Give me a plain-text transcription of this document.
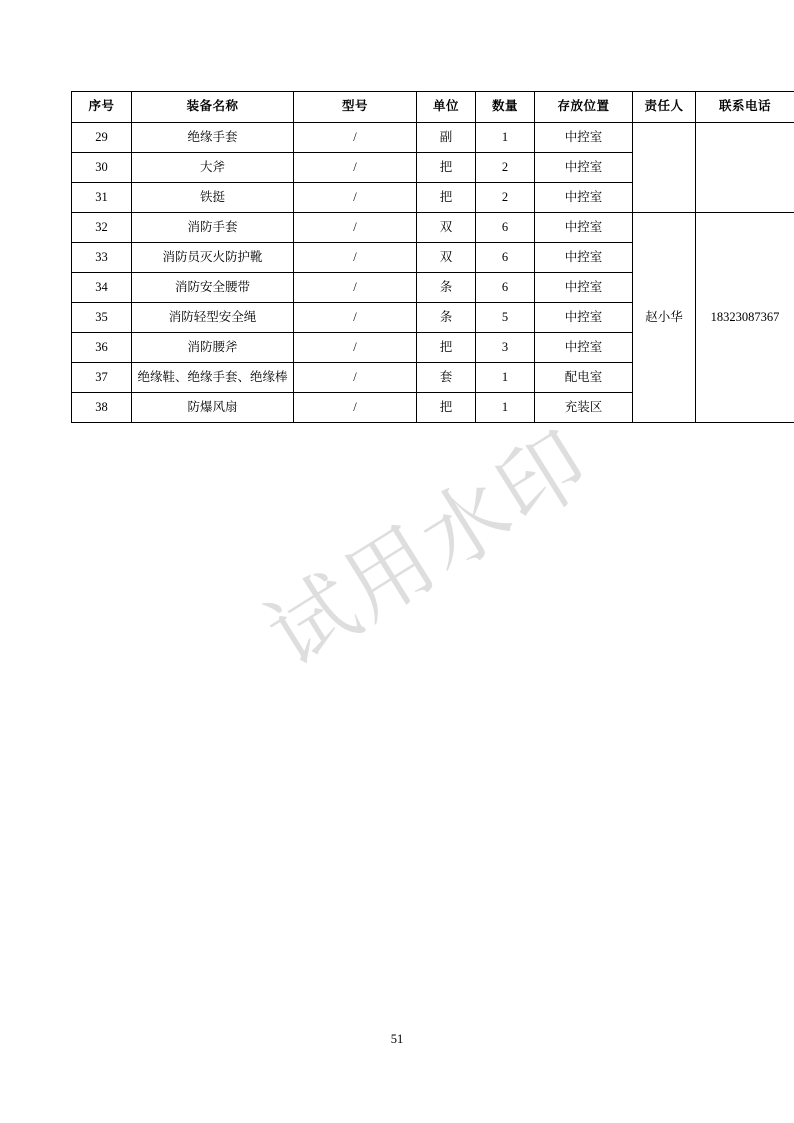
序号	装备名称	型号	单位	数量	存放位置	责任人	联系电话
29	绝缘手套	/	副	1	中控室		
30	大斧	/	把	2	中控室		
31	铁挺	/	把	2	中控室		
32	消防手套	/	双	6	中控室	赵小华	18323087367
33	消防员灭火防护靴	/	双	6	中控室		
34	消防安全腰带	/	条	6	中控室		
35	消防轻型安全绳	/	条	5	中控室		
36	消防腰斧	/	把	3	中控室		
37	绝缘鞋、绝缘手套、绝缘棒	/	套	1	配电室		
38	防爆风扇	/	把	1	充装区		
试用水印
51
